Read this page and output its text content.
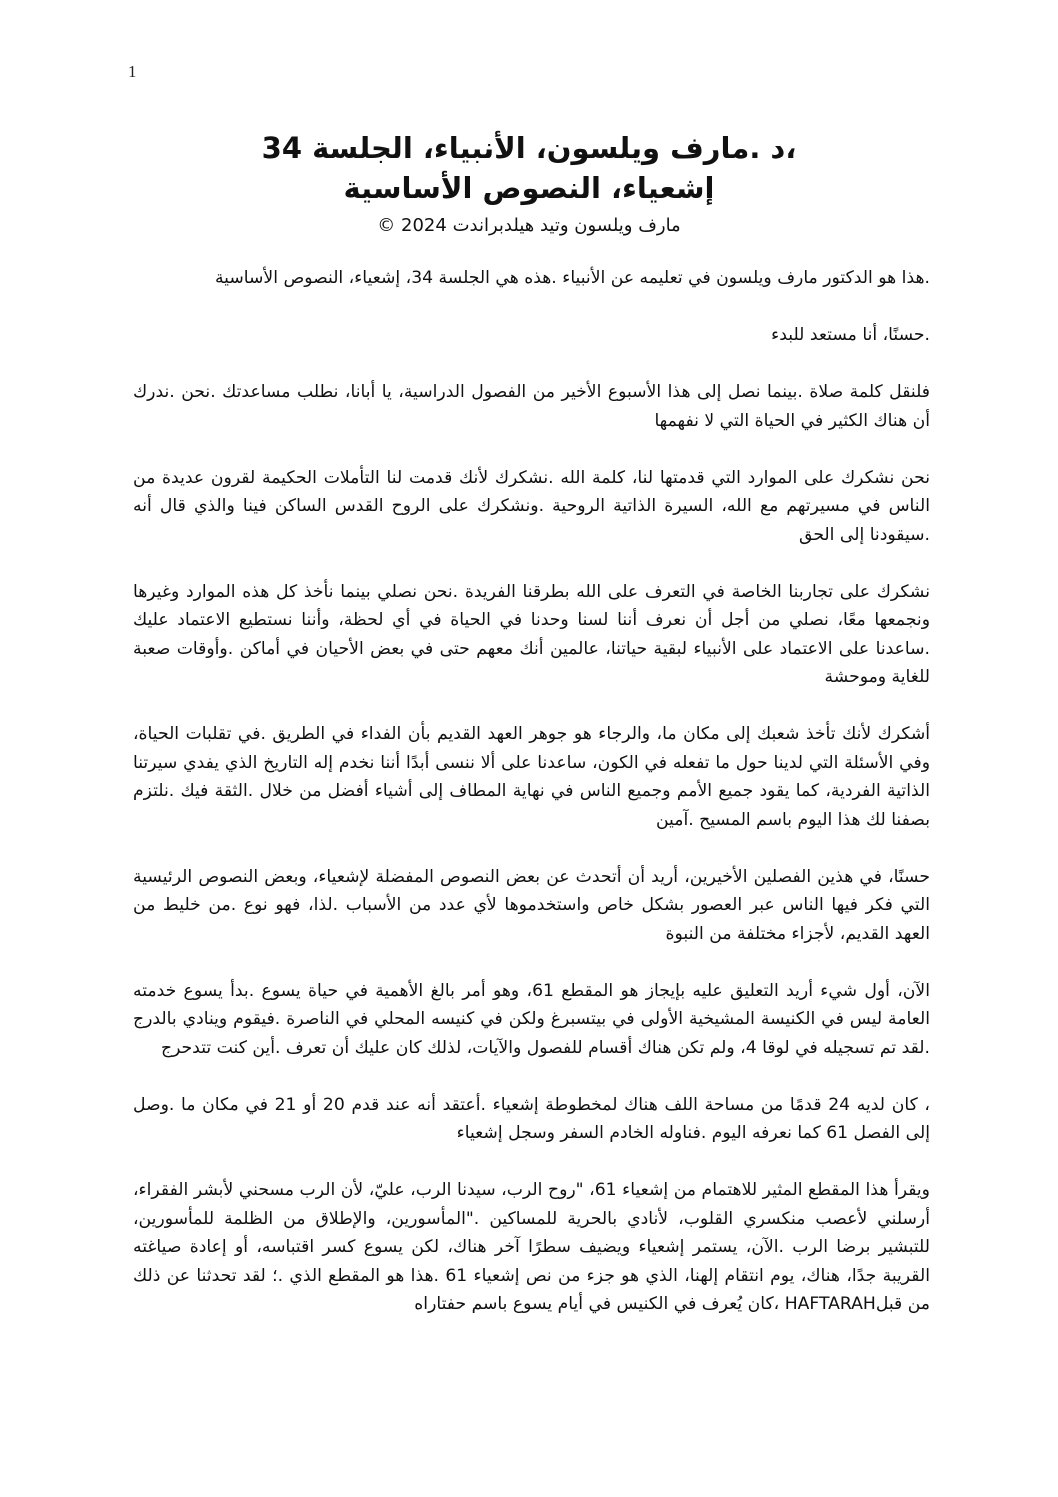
1
،د .مارف ويلسون، الأنبياء، الجلسة 34
إشعياء، النصوص الأساسية
مارف ويلسون وتيد هيلدبراندت 2024 ©

.هذا هو الدكتور مارف ويلسون في تعليمه عن الأنبياء .هذه هي الجلسة 34، إشعياء، النصوص الأساسية

.حسنًا، أنا مستعد للبدء

فلنقل كلمة صلاة .بينما نصل إلى هذا الأسبوع الأخير من الفصول الدراسية، يا أبانا، نطلب مساعدتك .نحن .ندرك أن هناك الكثير في الحياة التي لا نفهمها

نحن نشكرك على الموارد التي قدمتها لنا، كلمة الله .نشكرك لأنك قدمت لنا التأملات الحكيمة لقرون عديدة من الناس في مسيرتهم مع الله، السيرة الذاتية الروحية .ونشكرك على الروح القدس الساكن فينا والذي قال أنه .سيقودنا إلى الحق

نشكرك على تجاربنا الخاصة في التعرف على الله بطرقنا الفريدة .نحن نصلي بينما نأخذ كل هذه الموارد وغيرها ونجمعها معًا، نصلي من أجل أن نعرف أننا لسنا وحدنا في الحياة في أي لحظة، وأننا نستطيع الاعتماد عليك .ساعدنا على الاعتماد على الأنبياء لبقية حياتنا، عالمين أنك معهم حتى في بعض الأحيان في أماكن .وأوقات صعبة للغاية وموحشة

أشكرك لأنك تأخذ شعبك إلى مكان ما، والرجاء هو جوهر العهد القديم بأن الفداء في الطريق .في تقلبات الحياة، وفي الأسئلة التي لدينا حول ما تفعله في الكون، ساعدنا على ألا ننسى أبدًا أننا نخدم إله التاريخ الذي يفدي سيرتنا الذاتية الفردية، كما يقود جميع الأمم وجميع الناس في نهاية المطاف إلى أشياء أفضل من خلال .الثقة فيك .نلتزم بصفنا لك هذا اليوم باسم المسيح .آمين

حسنًا، في هذين الفصلين الأخيرين، أريد أن أتحدث عن بعض النصوص المفضلة لإشعياء، وبعض النصوص الرئيسية التي فكر فيها الناس عبر العصور بشكل خاص واستخدموها لأي عدد من الأسباب .لذا، فهو نوع .من خليط من العهد القديم، لأجزاء مختلفة من النبوة

الآن، أول شيء أريد التعليق عليه بإيجاز هو المقطع 61، وهو أمر بالغ الأهمية في حياة يسوع .بدأ يسوع خدمته العامة ليس في الكنيسة المشيخية الأولى في بيتسبرغ ولكن في كنيسه المحلي في الناصرة .فيقوم وينادي بالدرج .لقد تم تسجيله في لوقا 4، ولم تكن هناك أقسام للفصول والآيات، لذلك كان عليك أن تعرف .أين كنت تتدحرج

، كان لديه 24 قدمًا من مساحة اللف هناك لمخطوطة إشعياء .أعتقد أنه عند قدم 20 أو 21 في مكان ما .وصل إلى الفصل 61 كما نعرفه اليوم .فناوله الخادم السفر وسجل إشعياء

ويقرأ هذا المقطع المثير للاهتمام من إشعياء 61، "روح الرب، سيدنا الرب، عليّ، لأن الرب مسحني لأبشر الفقراء، أرسلني لأعصب منكسري القلوب، لأنادي بالحرية للمساكين ."المأسورين، والإطلاق من الظلمة للمأسورين، للتبشير برضا الرب .الآن، يستمر إشعياء ويضيف سطرًا آخر هناك، لكن يسوع كسر اقتباسه، أو إعادة صياغته القريبة جدًا، هناك، يوم انتقام إلهنا، الذي هو جزء من نص إشعياء 61 .هذا هو المقطع الذي .؛ لقد تحدثنا عن ذلك من قبلHAFTARAH ،كان يُعرف في الكنيس في أيام يسوع باسم حفتاراه
